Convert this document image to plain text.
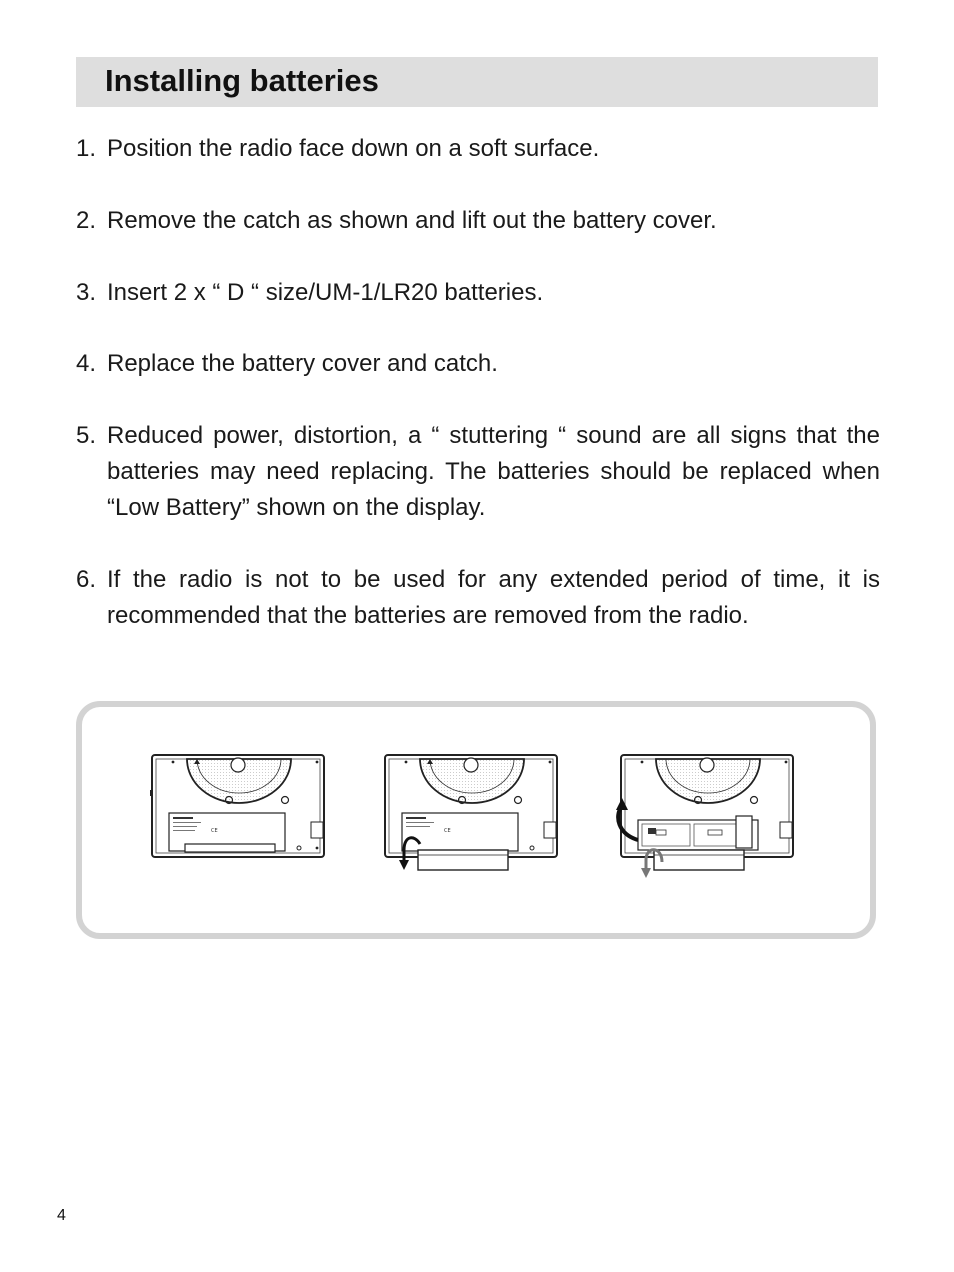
Installing batteries
1. Position the radio face down on a soft surface.
2. Remove the catch as shown and lift out the battery cover.
3. Insert 2 x “ D “ size/UM-1/LR20 batteries.
4. Replace the battery cover and catch.
5. Reduced power, distortion, a “ stuttering “ sound are all signs that the batteries may need replacing. The batteries should be replaced when “Low Battery” shown on the display.
6. If the radio is not to be used for any extended period of time, it is recommended that the batteries are removed from the radio.
CE	CE
4
